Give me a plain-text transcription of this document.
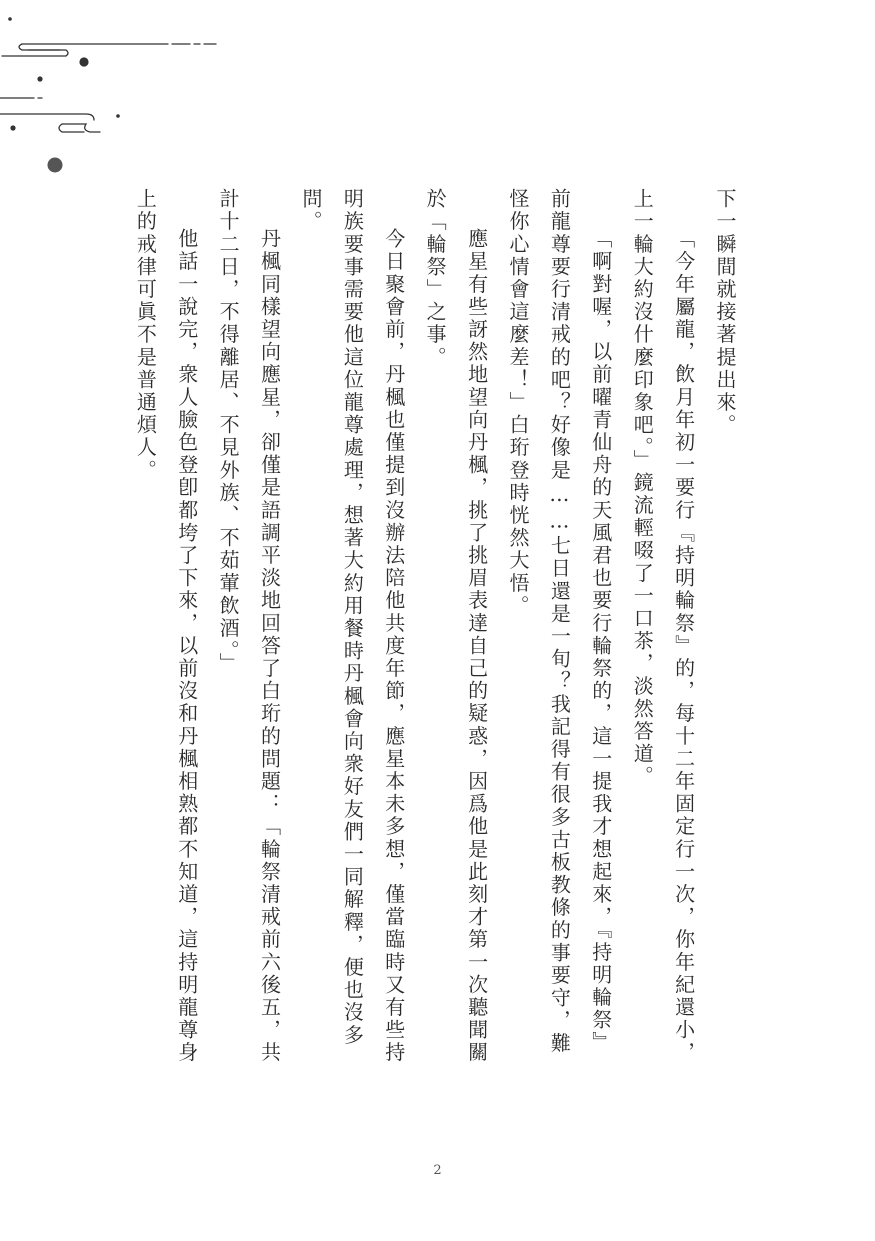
下一瞬間就接著提出來。

「今年屬龍，飲月年初一要行『持明輪祭』的，每十二年固定行一次，你年紀還小，上一輪大約沒什麼印象吧。」鏡流輕啜了一口茶，淡然答道。

「啊對喔，以前曜青仙舟的天風君也要行輪祭的，這一提我才想起來，『持明輪祭』前龍尊要行清戒的吧？好像是……七日還是一旬？我記得有很多古板教條的事要守，難怪你心情會這麼差！」白珩登時恍然大悟。

應星有些訝然地望向丹楓，挑了挑眉表達自己的疑惑，因爲他是此刻才第一次聽聞關於「輪祭」之事。

今日聚會前，丹楓也僅提到沒辦法陪他共度年節，應星本未多想，僅當臨時又有些持明族要事需要他這位龍尊處理，想著大約用餐時丹楓會向衆好友們一同解釋，便也沒多問。

丹楓同樣望向應星，卻僅是語調平淡地回答了白珩的問題：「輪祭清戒前六後五，共計十二日，不得離居、不見外族、不茹葷飲酒。」

他話一說完，衆人臉色登卽都垮了下來，以前沒和丹楓相熟都不知道，這持明龍尊身上的戒律可眞不是普通煩人。

2
